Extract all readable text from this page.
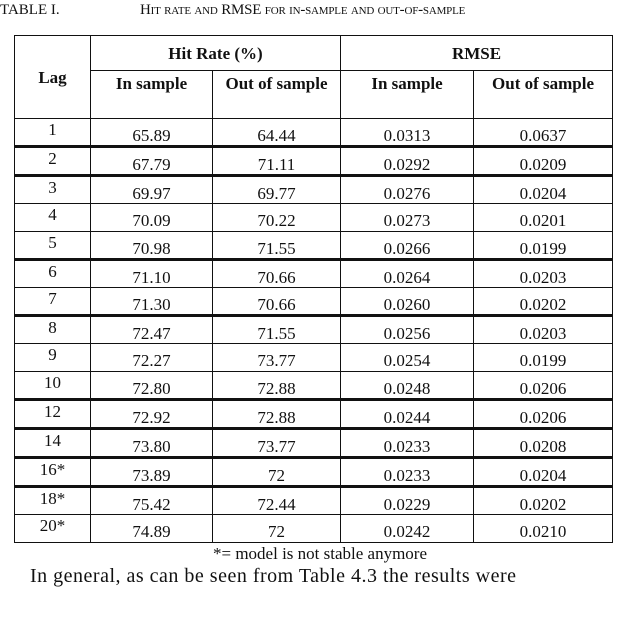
TABLE I.	Hit rate and RMSE for in-sample and out-of-sample
Lag	Hit Rate (%)		RMSE	
	In sample	Out of sample	In sample	Out of sample
1	65.89	64.44	0.0313	0.0637
2	67.79	71.11	0.0292	0.0209
3	69.97	69.77	0.0276	0.0204
4	70.09	70.22	0.0273	0.0201
5	70.98	71.55	0.0266	0.0199
6	71.10	70.66	0.0264	0.0203
7	71.30	70.66	0.0260	0.0202
8	72.47	71.55	0.0256	0.0203
9	72.27	73.77	0.0254	0.0199
10	72.80	72.88	0.0248	0.0206
12	72.92	72.88	0.0244	0.0206
14	73.80	73.77	0.0233	0.0208
16*	73.89	72	0.0233	0.0204
18*	75.42	72.44	0.0229	0.0202
20*	74.89	72	0.0242	0.0210
*= model is not stable anymore
In general, as can be seen from Table 4.3 the results were
